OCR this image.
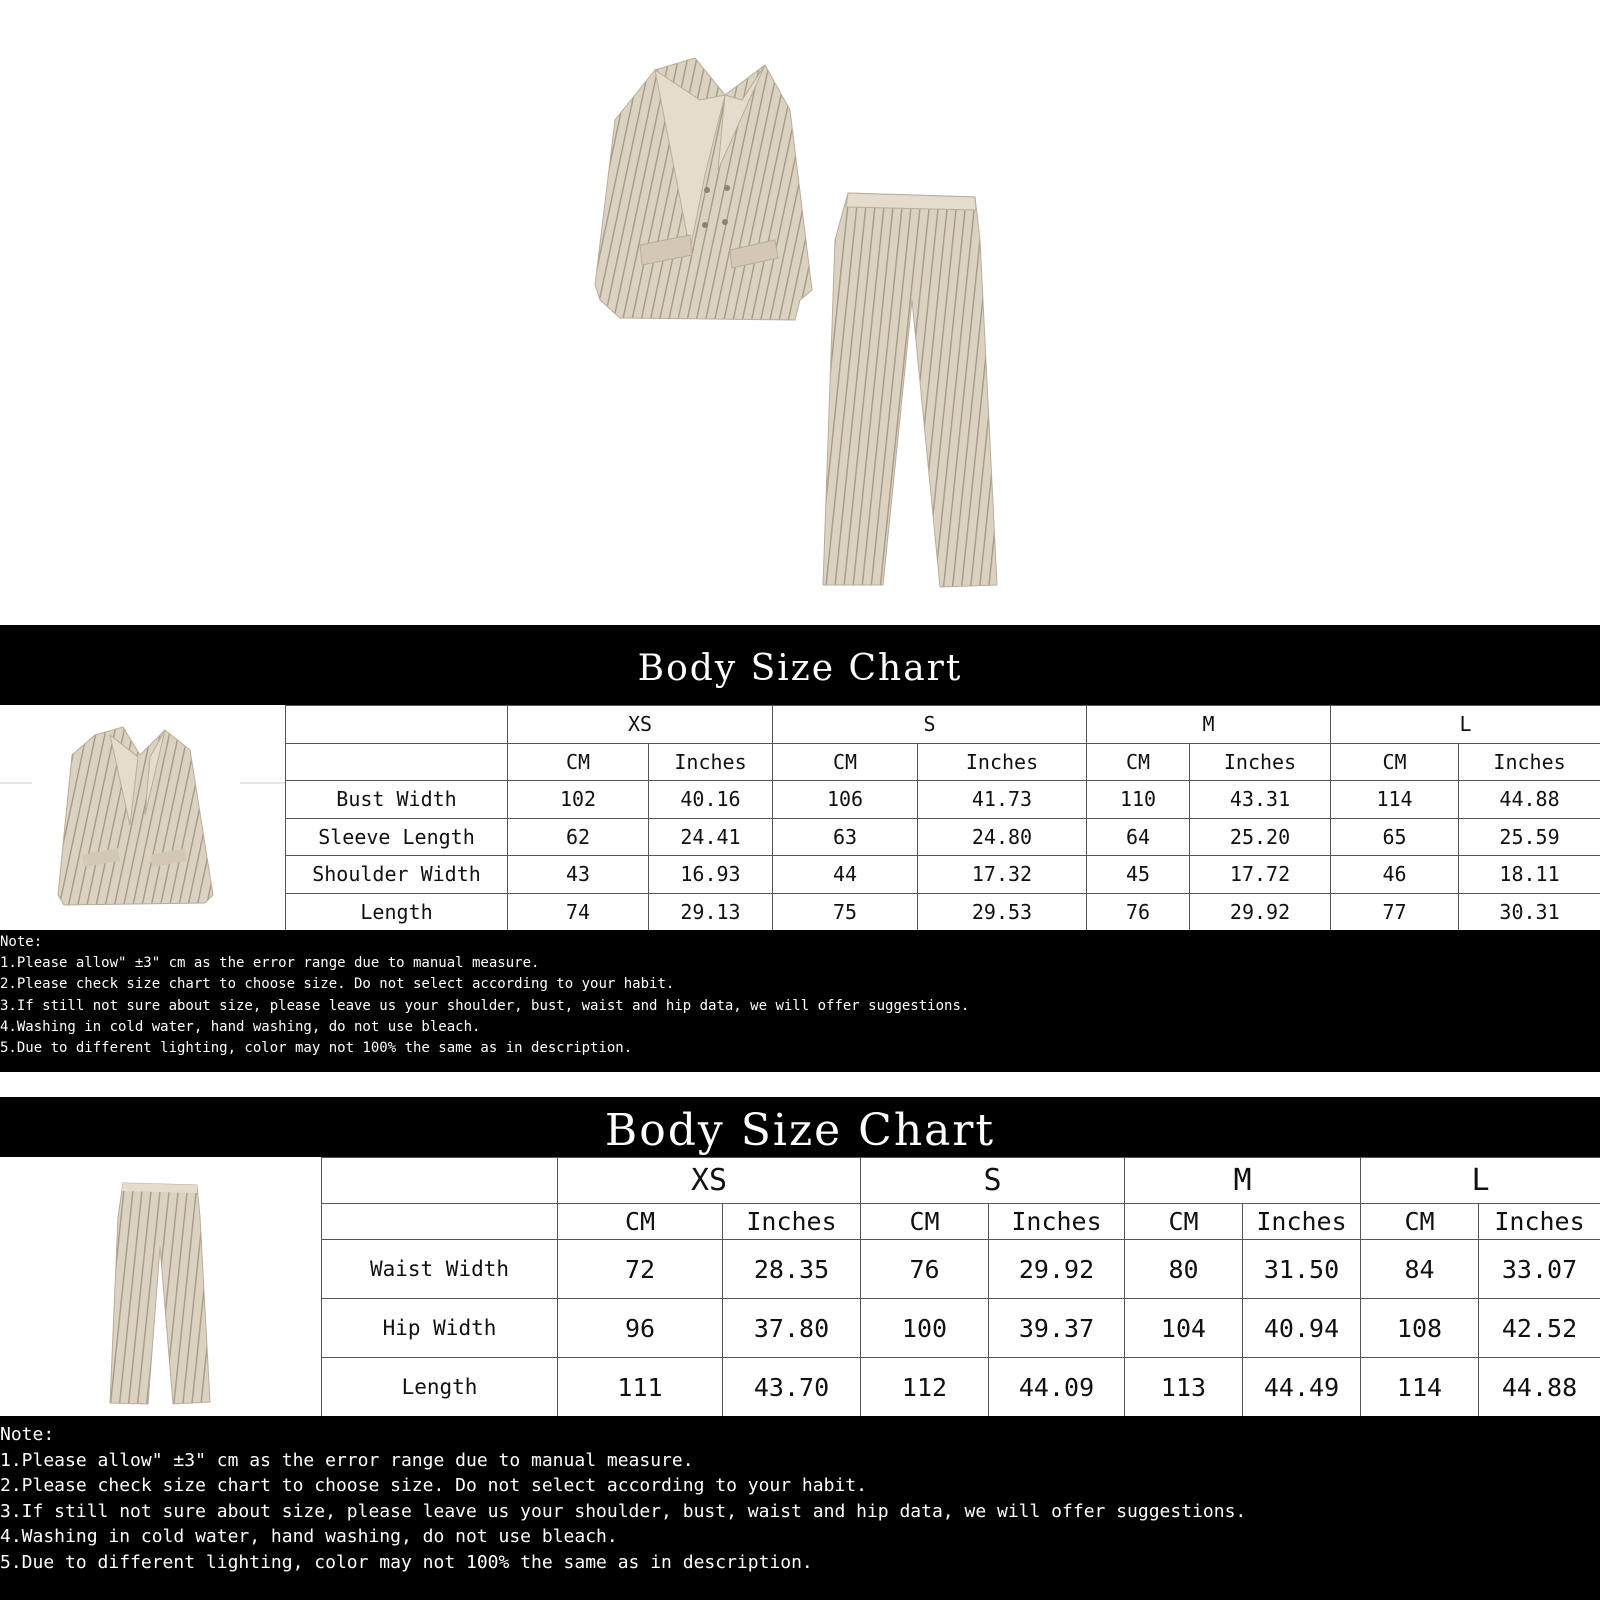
Body Size Chart
	XS		S		M		L	
	CM	Inches	CM	Inches	CM	Inches	CM	Inches
Bust Width	102	40.16	106	41.73	110	43.31	114	44.88
Sleeve Length	62	24.41	63	24.80	64	25.20	65	25.59
Shoulder Width	43	16.93	44	17.32	45	17.72	46	18.11
Length	74	29.13	75	29.53	76	29.92	77	30.31
Note:
1.Please allow" ±3" cm as the error range due to manual measure.
2.Please check size chart to choose size. Do not select according to your habit.
3.If still not sure about size, please leave us your shoulder, bust, waist and hip data, we will offer suggestions.
4.Washing in cold water, hand washing, do not use bleach.
5.Due to different lighting, color may not 100% the same as in description.
Body Size Chart
	XS		S		M		L	
	CM	Inches	CM	Inches	CM	Inches	CM	Inches
Waist Width	72	28.35	76	29.92	80	31.50	84	33.07
Hip Width	96	37.80	100	39.37	104	40.94	108	42.52
Length	111	43.70	112	44.09	113	44.49	114	44.88
Note:
1.Please allow" ±3" cm as the error range due to manual measure.
2.Please check size chart to choose size. Do not select according to your habit.
3.If still not sure about size, please leave us your shoulder, bust, waist and hip data, we will offer suggestions.
4.Washing in cold water, hand washing, do not use bleach.
5.Due to different lighting, color may not 100% the same as in description.
